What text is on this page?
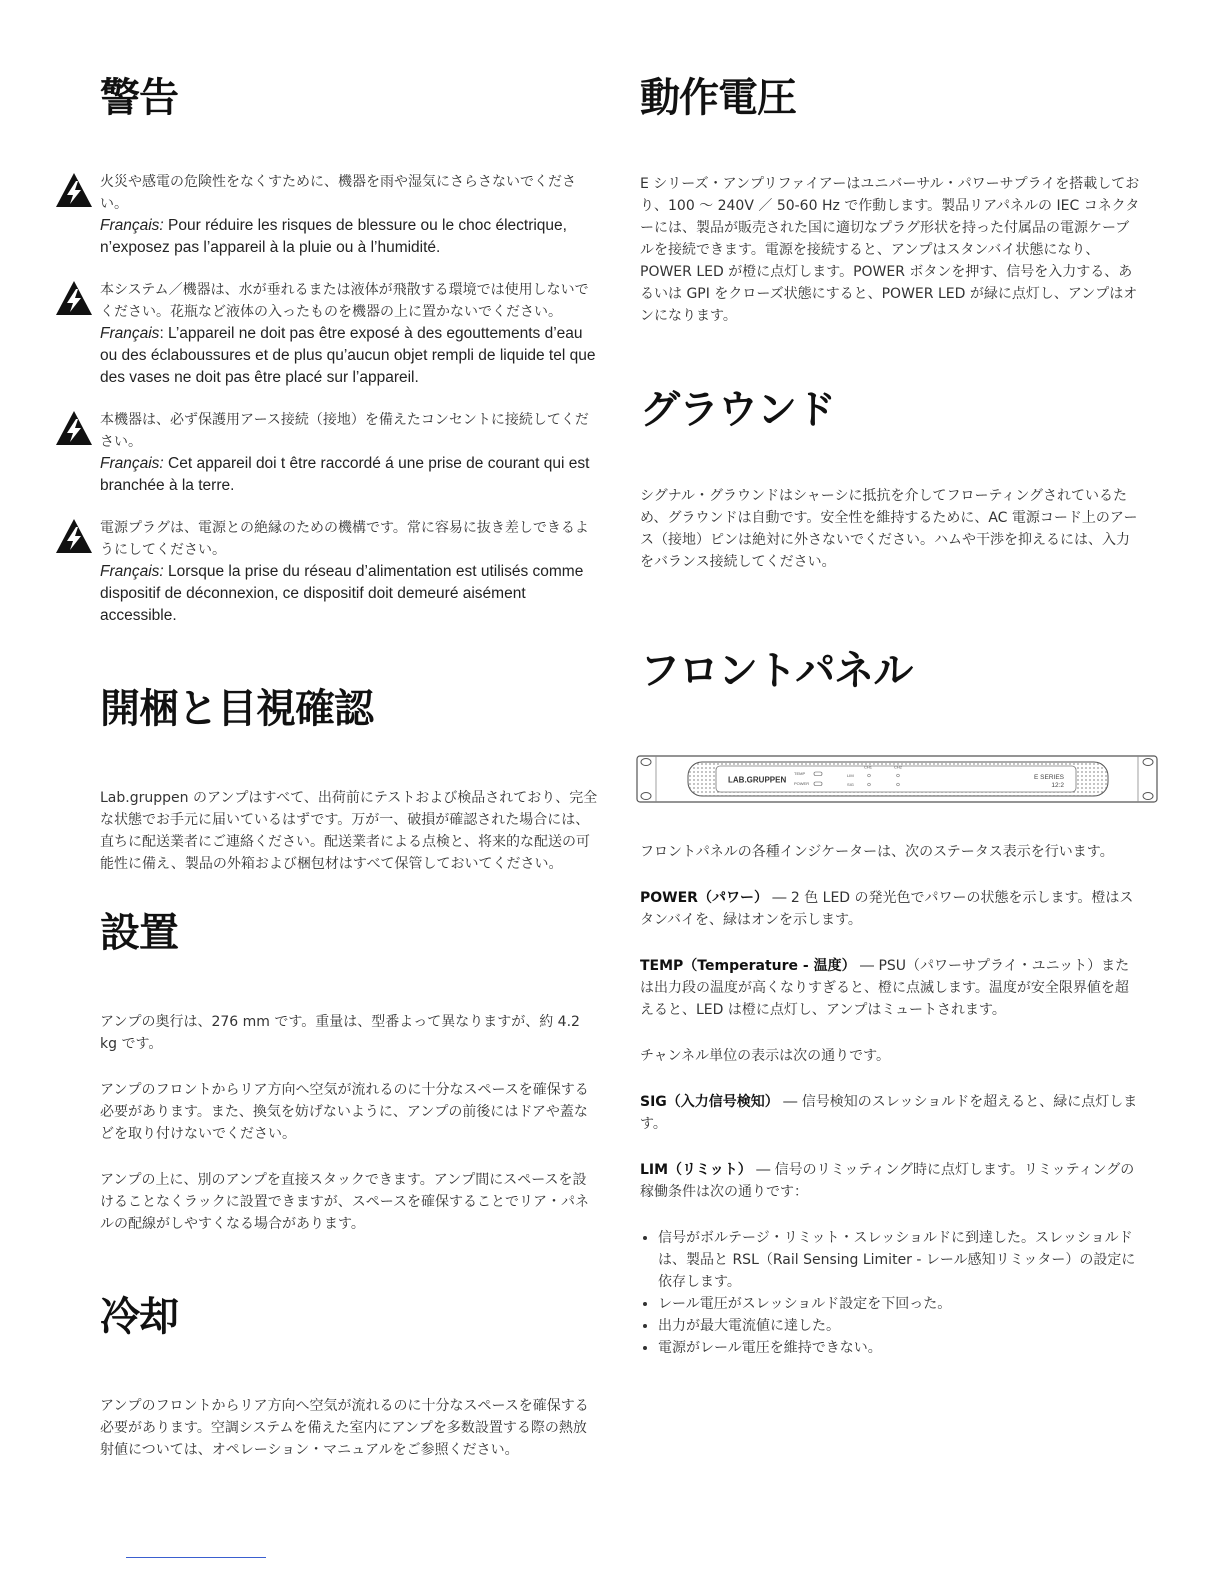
警告

火災や感電の危険性をなくすために、機器を雨や湿気にさらさないでください。

Français: Pour réduire les risques de blessure ou le choc électrique, n’exposez pas l’appareil à la pluie ou à l’humidité.

本システム／機器は、水が垂れるまたは液体が飛散する環境では使用しないでください。花瓶など液体の入ったものを機器の上に置かないでください。

Français: L’appareil ne doit pas être exposé à des egouttements d’eau ou des éclaboussures et de plus qu’aucun objet rempli de liquide tel que des vases ne doit pas être placé sur l’appareil.

本機器は、必ず保護用アース接続（接地）を備えたコンセントに接続してください。

Français: Cet appareil doi t être raccordé á une prise de courant qui est branchée à la terre.

電源プラグは、電源との絶縁のための機構です。常に容易に抜き差しできるようにしてください。

Français: Lorsque la prise du réseau d’alimentation est utilisés comme dispositif de déconnexion, ce dispositif doit demeuré aisément accessible.

開梱と目視確認

Lab.gruppen のアンプはすべて、出荷前にテストおよび検品されており、完全な状態でお手元に届いているはずです。万が一、破損が確認された場合には、直ちに配送業者にご連絡ください。配送業者による点検と、将来的な配送の可能性に備え、製品の外箱および梱包材はすべて保管しておいてください。

設置

アンプの奥行は、276 mm です。重量は、型番よって異なりますが、約 4.2 kg です。

アンプのフロントからリア方向へ空気が流れるのに十分なスペースを確保する必要があります。また、換気を妨げないように、アンプの前後にはドアや蓋などを取り付けないでください。

アンプの上に、別のアンプを直接スタックできます。アンプ間にスペースを設けることなくラックに設置できますが、スペースを確保することでリア・パネルの配線がしやすくなる場合があります。

冷却

アンプのフロントからリア方向へ空気が流れるのに十分なスペースを確保する必要があります。空調システムを備えた室内にアンプを多数設置する際の熱放射値については、オペレーション・マニュアルをご参照ください。

動作電圧

E シリーズ・アンプリファイアーはユニバーサル・パワーサプライを搭載しており、100 ～ 240V ／ 50-60 Hz で作動します。製品リアパネルの IEC コネクターには、製品が販売された国に適切なプラグ形状を持った付属品の電源ケーブルを接続できます。電源を接続すると、アンプはスタンバイ状態になり、POWER LED が橙に点灯します。POWER ボタンを押す、信号を入力する、あるいは GPI をクローズ状態にすると、POWER LED が緑に点灯し、アンプはオンになります。

グラウンド

シグナル・グラウンドはシャーシに抵抗を介してフローティングされているため、グラウンドは自動です。安全性を維持するために、AC 電源コード上のアース（接地）ピンは絶対に外さないでください。ハムや干渉を抑えるには、入力をバランス接続してください。

フロントパネル
LAB.GRUPPEN
TEMP
POWER
CH1	CH2
LIM
SIG
E SERIES
12:2

フロントパネルの各種インジケーターは、次のステータス表示を行います。

POWER（パワー） ― 2 色 LED の発光色でパワーの状態を示します。橙はスタンバイを、緑はオンを示します。

TEMP（Temperature - 温度） ― PSU（パワーサプライ・ユニット）または出力段の温度が高くなりすぎると、橙に点滅します。温度が安全限界値を超えると、LED は橙に点灯し、アンプはミュートされます。

チャンネル単位の表示は次の通りです。

SIG（入力信号検知） ― 信号検知のスレッショルドを超えると、緑に点灯します。

LIM（リミット） ― 信号のリミッティング時に点灯します。リミッティングの稼働条件は次の通りです：

• 信号がボルテージ・リミット・スレッショルドに到達した。スレッショルドは、製品と RSL（Rail Sensing Limiter - レール感知リミッター）の設定に依存します。
• レール電圧がスレッショルド設定を下回った。
• 出力が最大電流値に達した。
• 電源がレール電圧を維持できない。
